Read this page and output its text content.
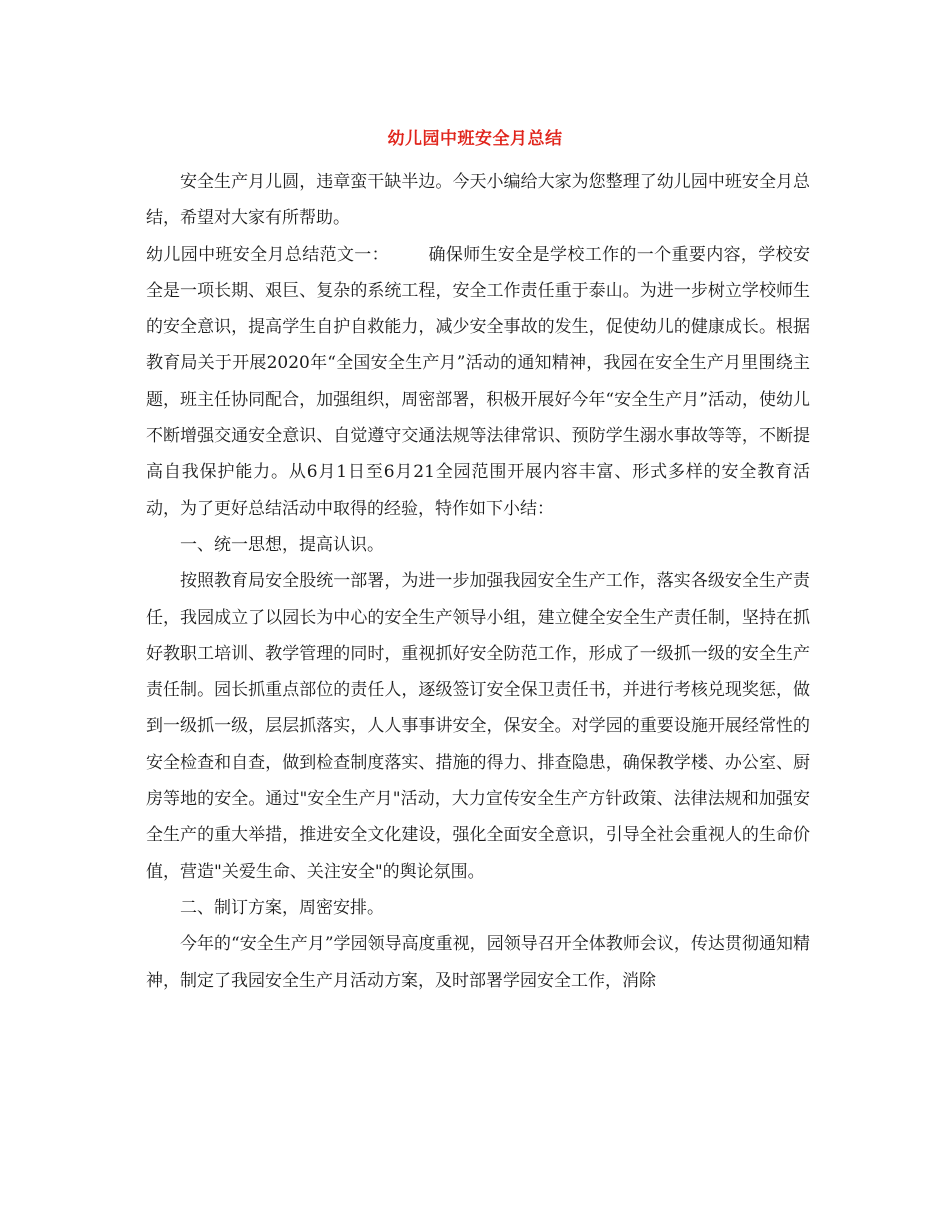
幼儿园中班安全月总结

安全生产月儿圆，违章蛮干缺半边。今天小编给大家为您整理了幼儿园中班安全月总结，希望对大家有所帮助。

幼儿园中班安全月总结范文一： 确保师生安全是学校工作的一个重要内容，学校安全是一项长期、艰巨、复杂的系统工程，安全工作责任重于泰山。为进一步树立学校师生的安全意识，提高学生自护自救能力，减少安全事故的发生，促使幼儿的健康成长。根据教育局关于开展2020年“全国安全生产月”活动的通知精神，我园在安全生产月里围绕主题，班主任协同配合，加强组织，周密部署，积极开展好今年“安全生产月”活动，使幼儿不断增强交通安全意识、自觉遵守交通法规等法律常识、预防学生溺水事故等等，不断提高自我保护能力。从6月1日至6月21全园范围开展内容丰富、形式多样的安全教育活动，为了更好总结活动中取得的经验，特作如下小结：

一、统一思想，提高认识。

按照教育局安全股统一部署，为进一步加强我园安全生产工作，落实各级安全生产责任，我园成立了以园长为中心的安全生产领导小组，建立健全安全生产责任制，坚持在抓好教职工培训、教学管理的同时，重视抓好安全防范工作，形成了一级抓一级的安全生产责任制。园长抓重点部位的责任人，逐级签订安全保卫责任书，并进行考核兑现奖惩，做到一级抓一级，层层抓落实，人人事事讲安全，保安全。对学园的重要设施开展经常性的安全检查和自查，做到检查制度落实、措施的得力、排查隐患，确保教学楼、办公室、厨房等地的安全。通过"安全生产月"活动，大力宣传安全生产方针政策、法律法规和加强安全生产的重大举措，推进安全文化建设，强化全面安全意识，引导全社会重视人的生命价值，营造"关爱生命、关注安全"的舆论氛围。

二、制订方案，周密安排。

今年的“安全生产月”学园领导高度重视，园领导召开全体教师会议，传达贯彻通知精神，制定了我园安全生产月活动方案，及时部署学园安全工作，消除
